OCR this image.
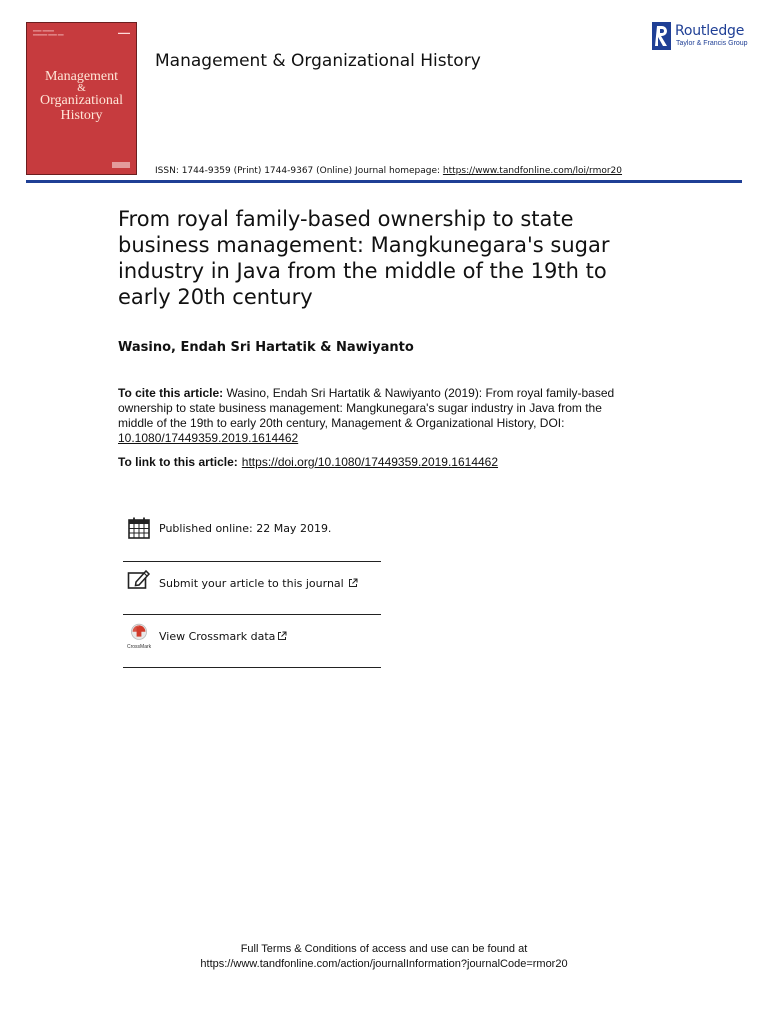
═══ ════
═════ ═══ ══	▬▬▬
Management
&
Organizational
History
Management & Organizational History
Routledge
Taylor & Francis Group
ISSN: 1744-9359 (Print) 1744-9367 (Online) Journal homepage: https://www.tandfonline.com/loi/rmor20
From royal family-based ownership to state business management: Mangkunegara's sugar industry in Java from the middle of the 19th to early 20th century
Wasino, Endah Sri Hartatik & Nawiyanto
To cite this article: Wasino, Endah Sri Hartatik & Nawiyanto (2019): From royal family-based ownership to state business management: Mangkunegara's sugar industry in Java from the middle of the 19th to early 20th century, Management & Organizational History, DOI: 10.1080/17449359.2019.1614462
To link to this article: https://doi.org/10.1080/17449359.2019.1614462
Published online: 22 May 2019.
Submit your article to this journal
CrossMark
View Crossmark data
Full Terms & Conditions of access and use can be found at
https://www.tandfonline.com/action/journalInformation?journalCode=rmor20
